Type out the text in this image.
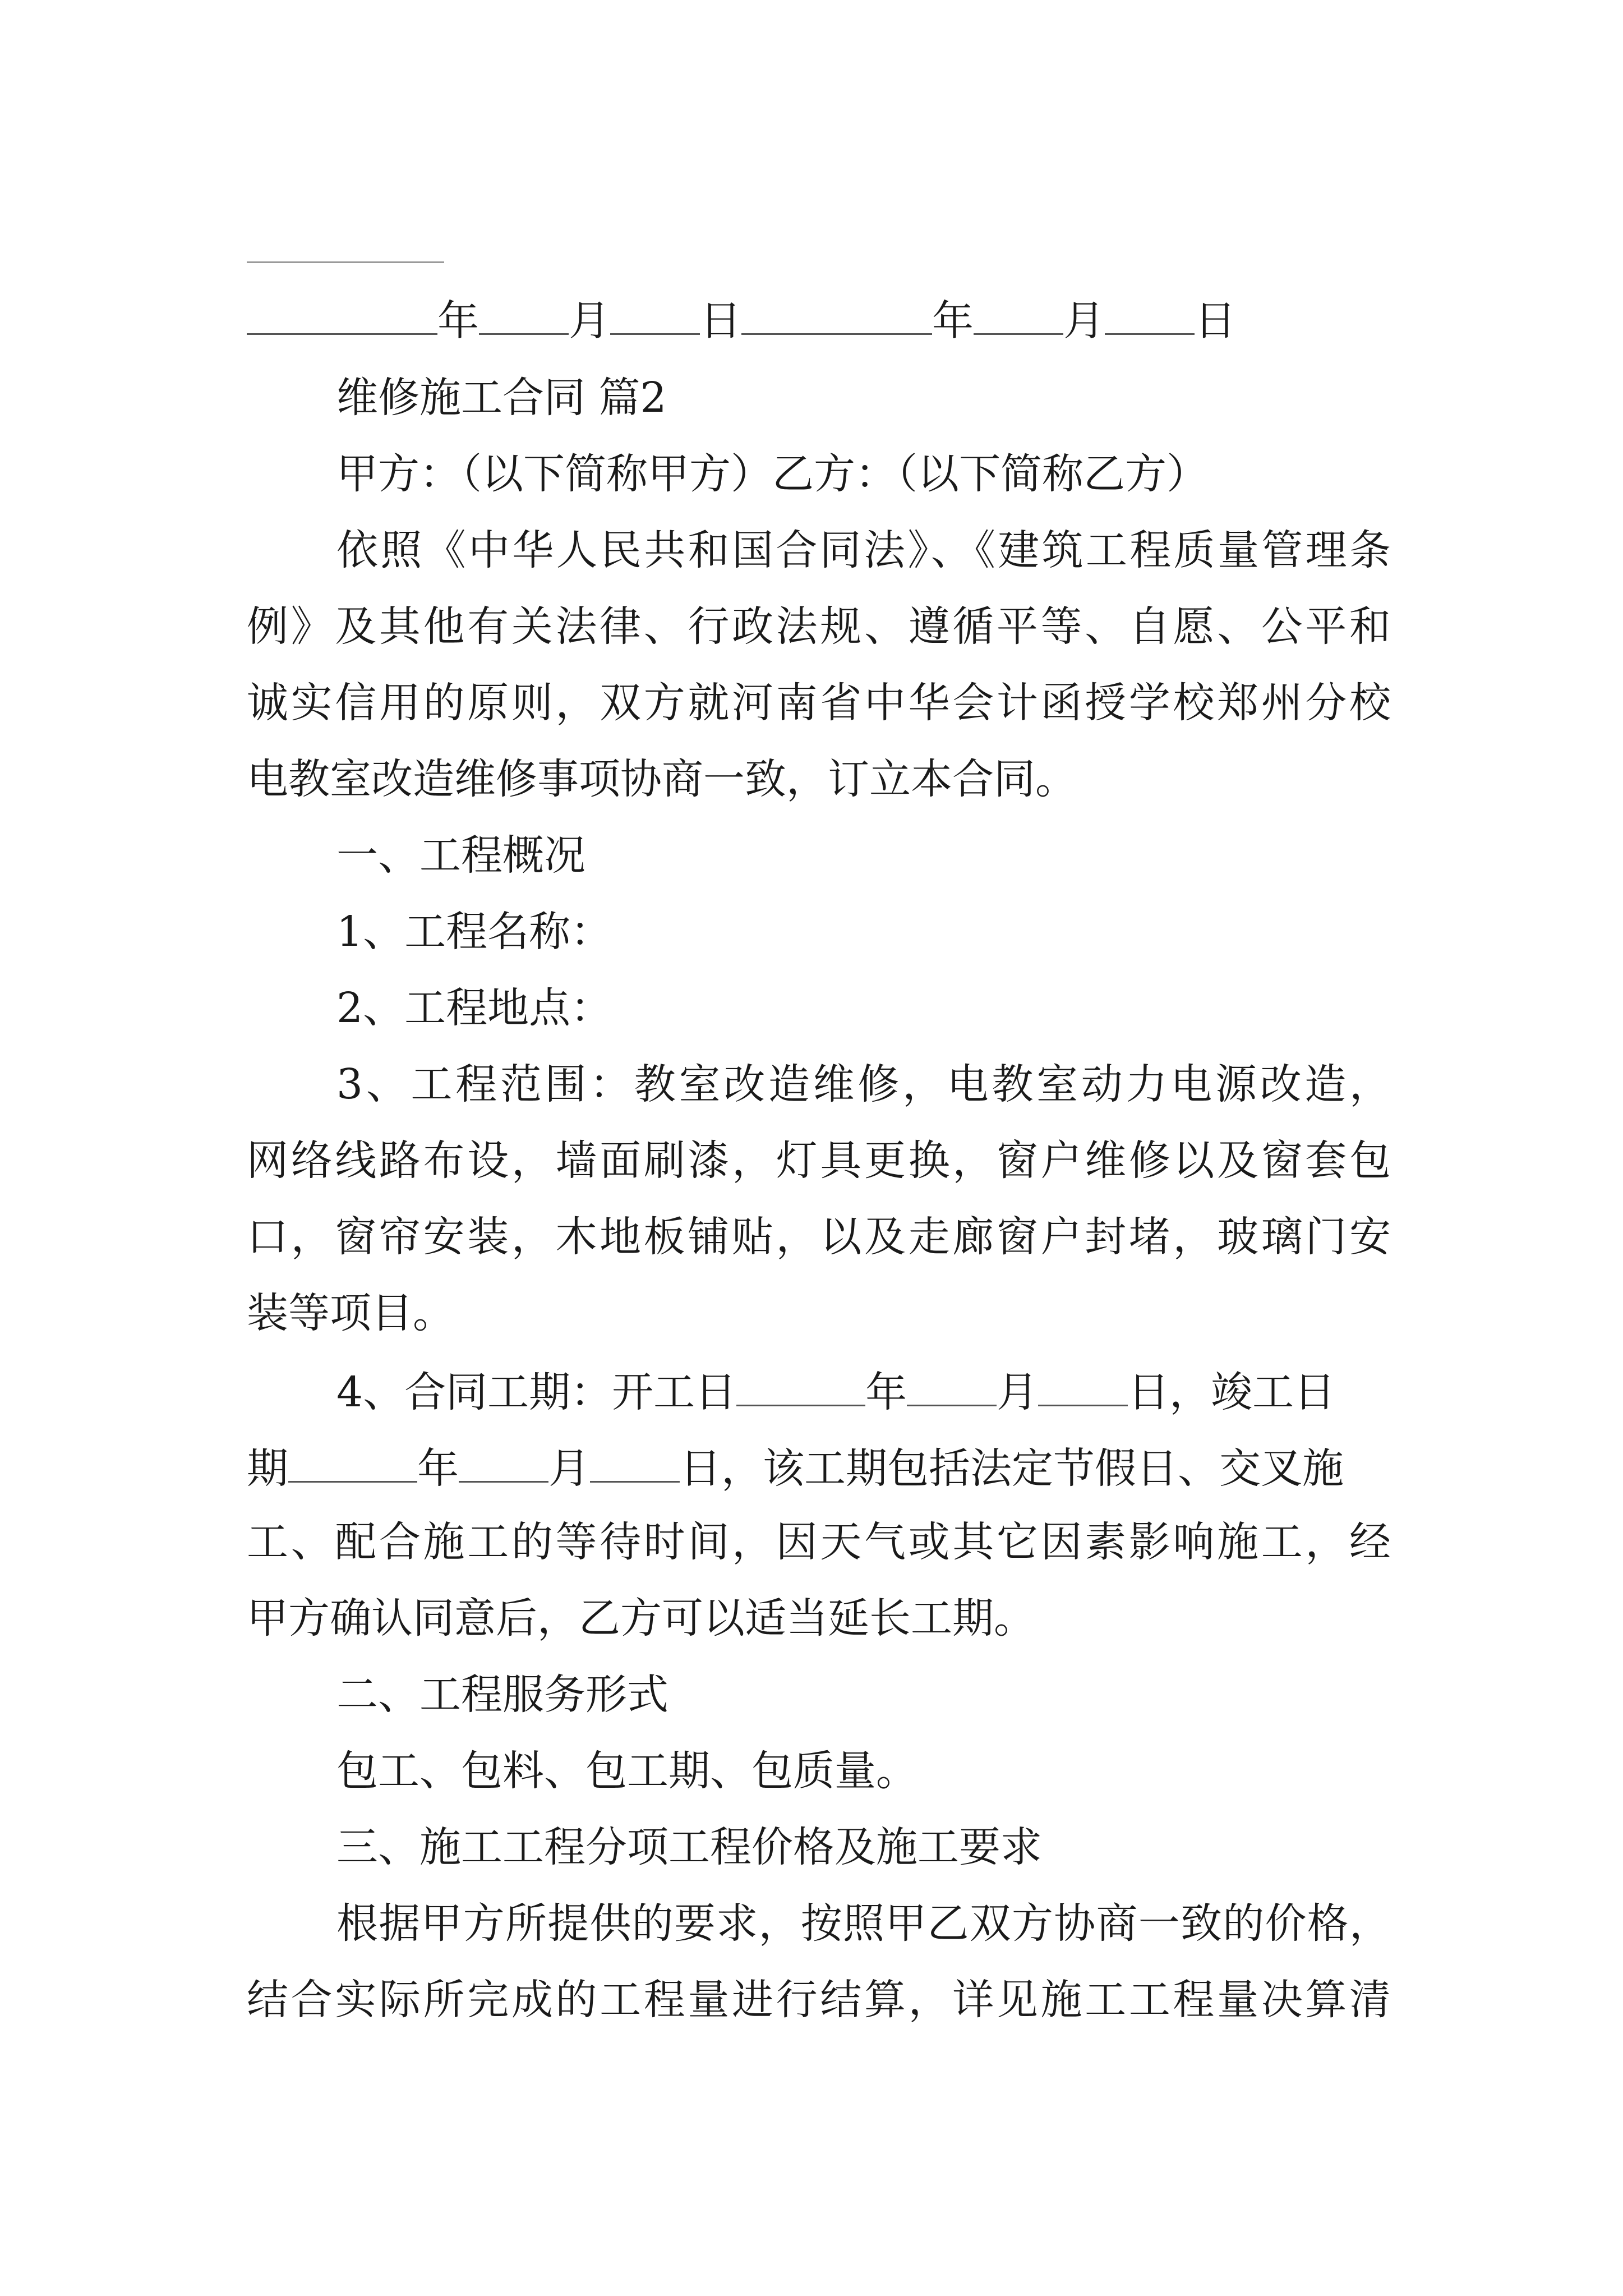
年 月 日	年 月 日
维修施工合同 篇2
甲方：（以下简称甲方）乙方：（以下简称乙方）
依照《中华人民共和国合同法》、《建筑工程质量管理条
例》及其他有关法律、行政法规、遵循平等、自愿、公平和
诚实信用的原则，双方就河南省中华会计函授学校郑州分校
电教室改造维修事项协商一致，订立本合同。
一、工程概况
1、工程名称：
2、工程地点：
3、工程范围：教室改造维修，电教室动力电源改造，
网络线路布设，墙面刷漆，灯具更换，窗户维修以及窗套包
口，窗帘安装，木地板铺贴，以及走廊窗户封堵，玻璃门安
装等项目。
4、合同工期：开工日	年 月 日，竣工日
期	年 月 日，该工期包括法定节假日、交叉施
工、配合施工的等待时间，因天气或其它因素影响施工，经
甲方确认同意后，乙方可以适当延长工期。
二、工程服务形式
包工、包料、包工期、包质量。
三、施工工程分项工程价格及施工要求
根据甲方所提供的要求，按照甲乙双方协商一致的价格，
结合实际所完成的工程量进行结算，详见施工工程量决算清
